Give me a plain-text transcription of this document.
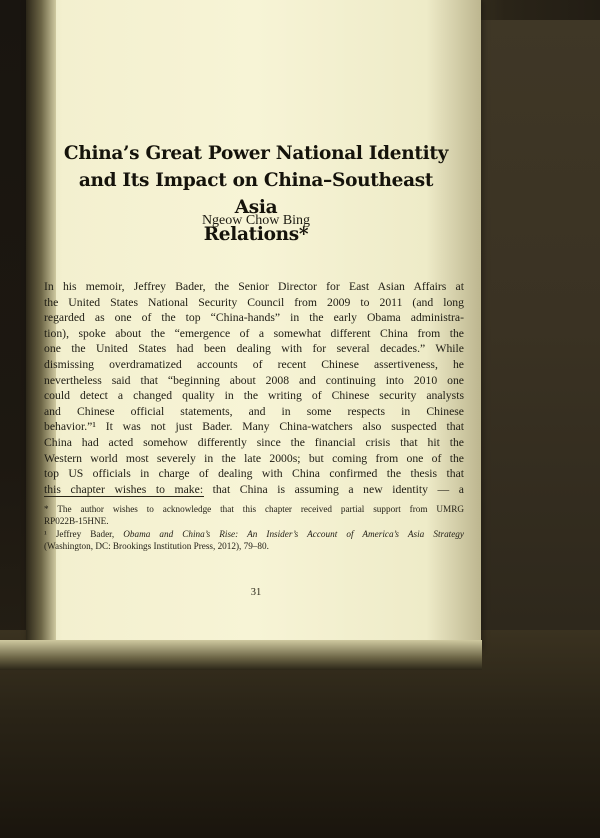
China’s Great Power National Identity
and Its Impact on China–Southeast Asia
Relations*
Ngeow Chow Bing
In his memoir, Jeffrey Bader, the Senior Director for East Asian Affairs at
the United States National Security Council from 2009 to 2011 (and long
regarded as one of the top “China-hands” in the early Obama administra-
tion), spoke about the “emergence of a somewhat different China from the
one the United States had been dealing with for several decades.” While
dismissing overdramatized accounts of recent Chinese assertiveness, he
nevertheless said that “beginning about 2008 and continuing into 2010 one
could detect a changed quality in the writing of Chinese security analysts
and Chinese official statements, and in some respects in Chinese
behavior.”¹ It was not just Bader. Many China-watchers also suspected that
China had acted somehow differently since the financial crisis that hit the
Western world most severely in the late 2000s; but coming from one of the
top US officials in charge of dealing with China confirmed the thesis that
this chapter wishes to make: that China is assuming a new identity — a
* The author wishes to acknowledge that this chapter received partial support from UMRG
RP022B-15HNE.
¹ Jeffrey Bader, Obama and China’s Rise: An Insider’s Account of America’s Asia Strategy
(Washington, DC: Brookings Institution Press, 2012), 79–80.
31
